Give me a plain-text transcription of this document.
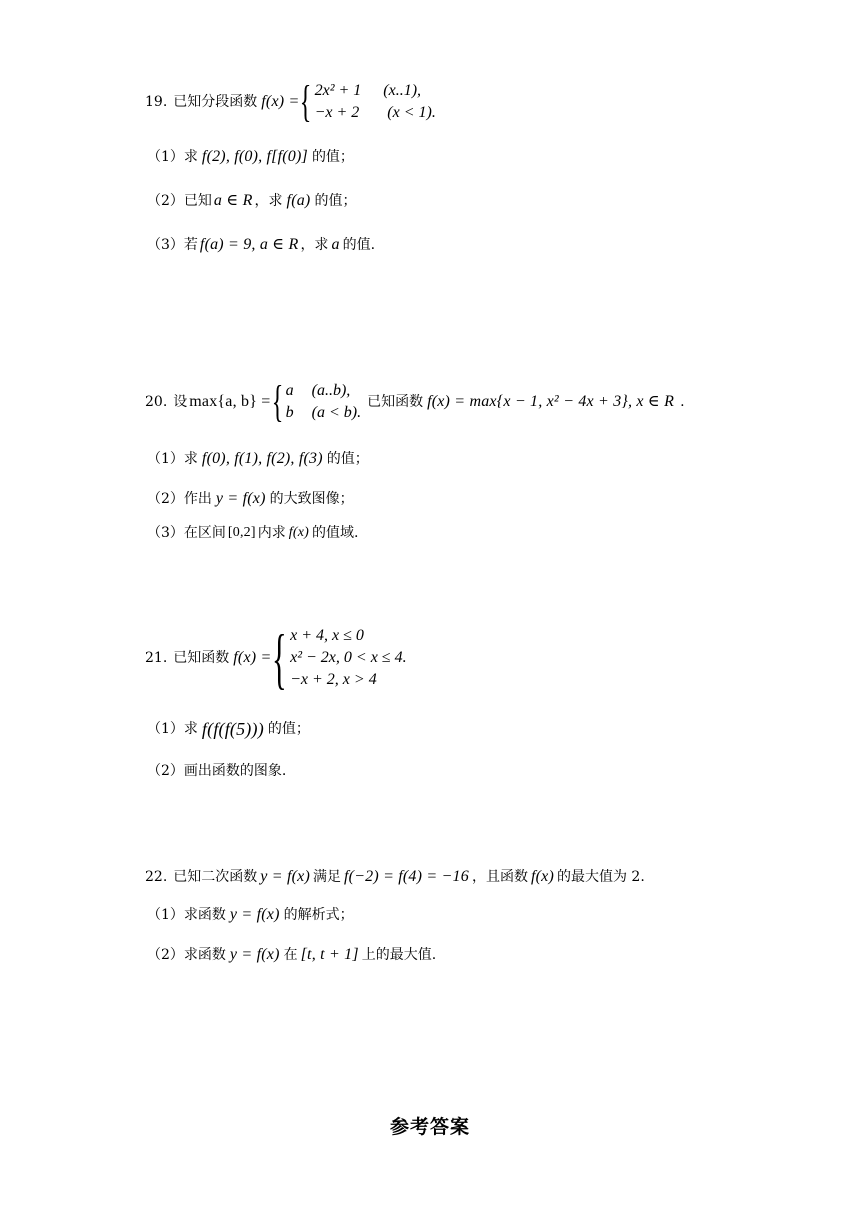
19. 已知分段函数 f(x) = { 2x² + 1 (x..1),
−x + 2 (x < 1).
（1）求 f(2), f(0), f[f(0)] 的值；
（2）已知 a ∈ R ，求 f(a) 的值；
（3）若 f(a) = 9, a ∈ R ，求 a 的值.
20. 设 max{a, b} = { a (a..b),
b (a < b).
已知函数 f(x) = max{x − 1, x² − 4x + 3}, x ∈ R .
（1）求 f(0), f(1), f(2), f(3) 的值；
（2）作出 y = f(x) 的大致图像；
（3）在区间 [0,2] 内求 f(x) 的值域.
21. 已知函数 f(x) = { x + 4, x ≤ 0
x² − 2x, 0 < x ≤ 4.
−x + 2, x > 4
（1）求 f(f(f(5))) 的值；
（2）画出函数的图象.
22. 已知二次函数 y = f(x) 满足 f(−2) = f(4) = −16 ，且函数 f(x) 的最大值为 2.
（1）求函数 y = f(x) 的解析式；
（2）求函数 y = f(x) 在 [t, t + 1] 上的最大值.
参考答案
